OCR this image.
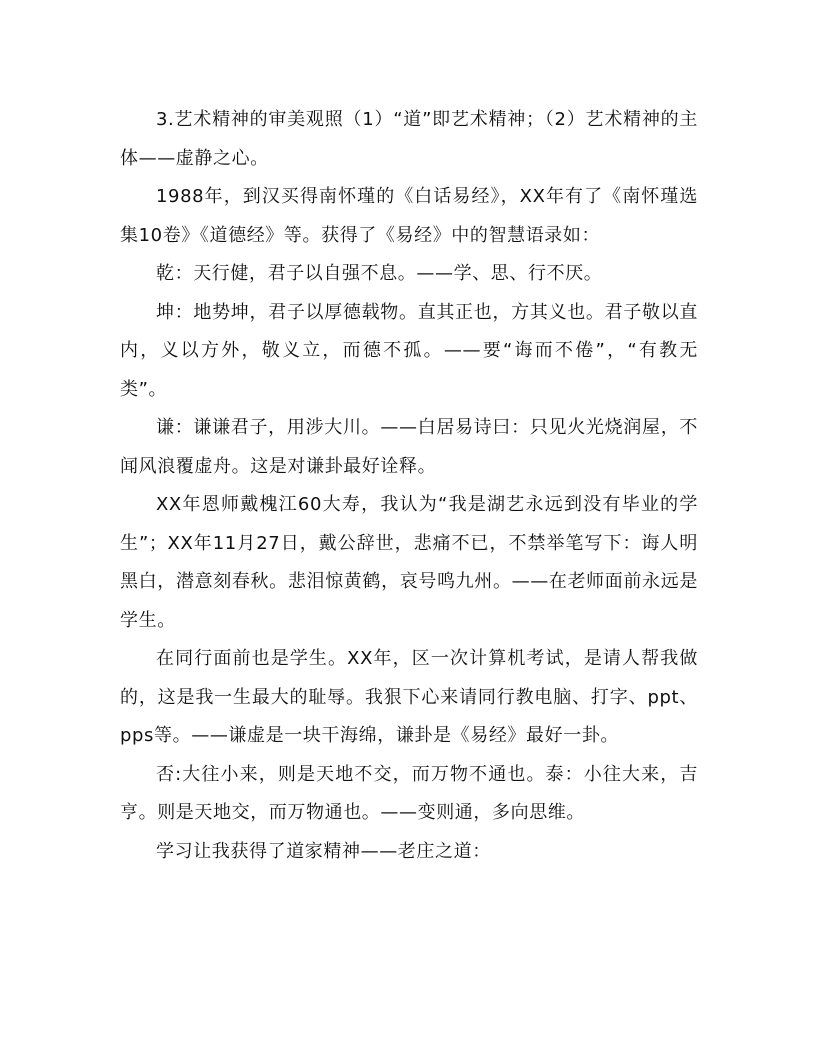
3.艺术精神的审美观照（1）“道”即艺术精神；（2）艺术精神的主体——虚静之心。

1988年，到汉买得南怀瑾的《白话易经》，XX年有了《南怀瑾选集10卷》《道德经》等。获得了《易经》中的智慧语录如：

乾：天行健，君子以自强不息。——学、思、行不厌。

坤：地势坤，君子以厚德载物。直其正也，方其义也。君子敬以直内，义以方外，敬义立，而德不孤。——要“诲而不倦”，“有教无类”。

谦：谦谦君子，用涉大川。——白居易诗曰：只见火光烧润屋，不闻风浪覆虚舟。这是对谦卦最好诠释。

XX年恩师戴槐江60大寿，我认为“我是湖艺永远到没有毕业的学生”；XX年11月27日，戴公辞世，悲痛不已，不禁举笔写下：诲人明黑白，潜意刻春秋。悲泪惊黄鹤，哀号鸣九州。——在老师面前永远是学生。

在同行面前也是学生。XX年，区一次计算机考试，是请人帮我做的，这是我一生最大的耻辱。我狠下心来请同行教电脑、打字、ppt、pps等。——谦虚是一块干海绵，谦卦是《易经》最好一卦。

否:大往小来，则是天地不交，而万物不通也。泰：小往大来，吉亨。则是天地交，而万物通也。——变则通，多向思维。

学习让我获得了道家精神——老庄之道：
